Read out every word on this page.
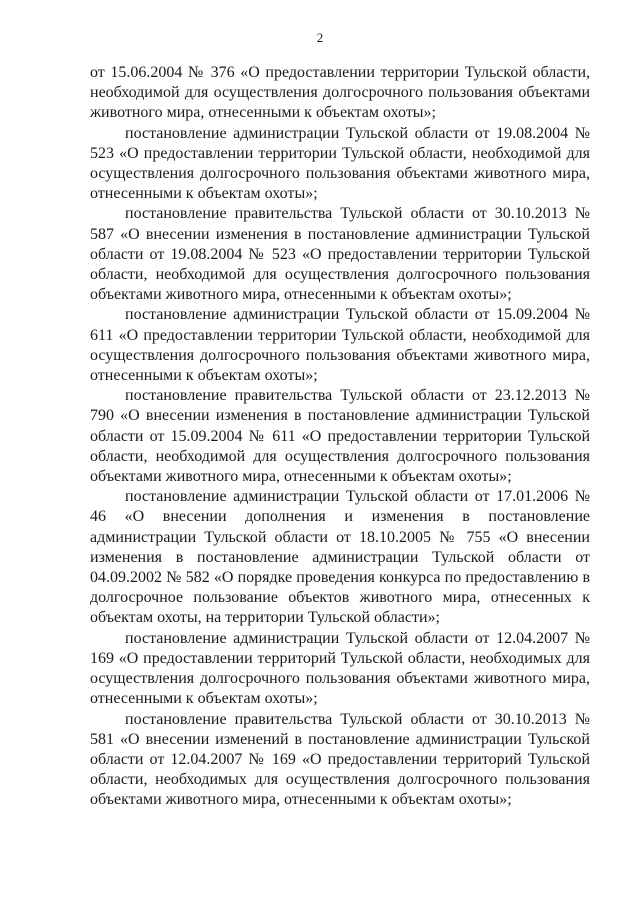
2

от 15.06.2004 № 376 «О предоставлении территории Тульской области, необходимой для осуществления долгосрочного пользования объектами животного мира, отнесенными к объектам охоты»;

постановление администрации Тульской области от 19.08.2004 № 523 «О предоставлении территории Тульской области, необходимой для осуществления долгосрочного пользования объектами животного мира, отнесенными к объектам охоты»;

постановление правительства Тульской области от 30.10.2013 № 587 «О внесении изменения в постановление администрации Тульской области от 19.08.2004 № 523 «О предоставлении территории Тульской области, необходимой для осуществления долгосрочного пользования объектами животного мира, отнесенными к объектам охоты»;

постановление администрации Тульской области от 15.09.2004 № 611 «О предоставлении территории Тульской области, необходимой для осуществления долгосрочного пользования объектами животного мира, отнесенными к объектам охоты»;

постановление правительства Тульской области от 23.12.2013 № 790 «О внесении изменения в постановление администрации Тульской области от 15.09.2004 № 611 «О предоставлении территории Тульской области, необходимой для осуществления долгосрочного пользования объектами животного мира, отнесенными к объектам охоты»;

постановление администрации Тульской области от 17.01.2006 № 46 «О внесении дополнения и изменения в постановление администрации Тульской области от 18.10.2005 № 755 «О внесении изменения в постановление администрации Тульской области от 04.09.2002 № 582 «О порядке проведения конкурса по предоставлению в долгосрочное пользование объектов животного мира, отнесенных к объектам охоты, на территории Тульской области»;

постановление администрации Тульской области от 12.04.2007 № 169 «О предоставлении территорий Тульской области, необходимых для осуществления долгосрочного пользования объектами животного мира, отнесенными к объектам охоты»;

постановление правительства Тульской области от 30.10.2013 № 581 «О внесении изменений в постановление администрации Тульской области от 12.04.2007 № 169 «О предоставлении территорий Тульской области, необходимых для осуществления долгосрочного пользования объектами животного мира, отнесенными к объектам охоты»;
